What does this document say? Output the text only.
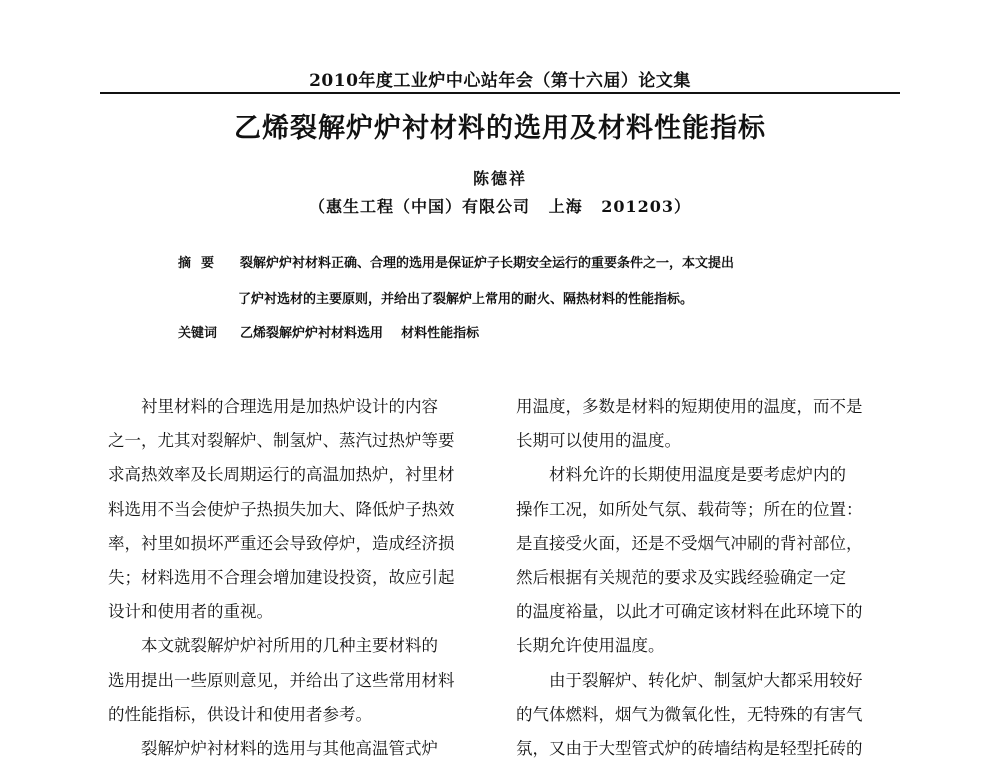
2010年度工业炉中心站年会（第十六届）论文集
乙烯裂解炉炉衬材料的选用及材料性能指标
陈德祥
（惠生工程（中国）有限公司 上海 201203）
摘要 裂解炉炉衬材料正确、合理的选用是保证炉子长期安全运行的重要条件之一，本文提出
了炉衬选材的主要原则，并给出了裂解炉上常用的耐火、隔热材料的性能指标。
关键词 乙烯裂解炉炉衬材料选用    材料性能指标
衬里材料的合理选用是加热炉设计的内容
之一，尤其对裂解炉、制氢炉、蒸汽过热炉等要
求高热效率及长周期运行的高温加热炉，衬里材
料选用不当会使炉子热损失加大、降低炉子热效
率，衬里如损坏严重还会导致停炉，造成经济损
失；材料选用不合理会增加建设投资，故应引起
设计和使用者的重视。
本文就裂解炉炉衬所用的几种主要材料的
选用提出一些原则意见，并给出了这些常用材料
的性能指标，供设计和使用者参考。
裂解炉炉衬材料的选用与其他高温管式炉
用温度，多数是材料的短期使用的温度，而不是
长期可以使用的温度。
材料允许的长期使用温度是要考虑炉内的
操作工况，如所处气氛、载荷等；所在的位置：
是直接受火面，还是不受烟气冲刷的背衬部位，
然后根据有关规范的要求及实践经验确定一定
的温度裕量，以此才可确定该材料在此环境下的
长期允许使用温度。
由于裂解炉、转化炉、制氢炉大都采用较好
的气体燃料，烟气为微氧化性，无特殊的有害气
氛，又由于大型管式炉的砖墙结构是轻型托砖的
